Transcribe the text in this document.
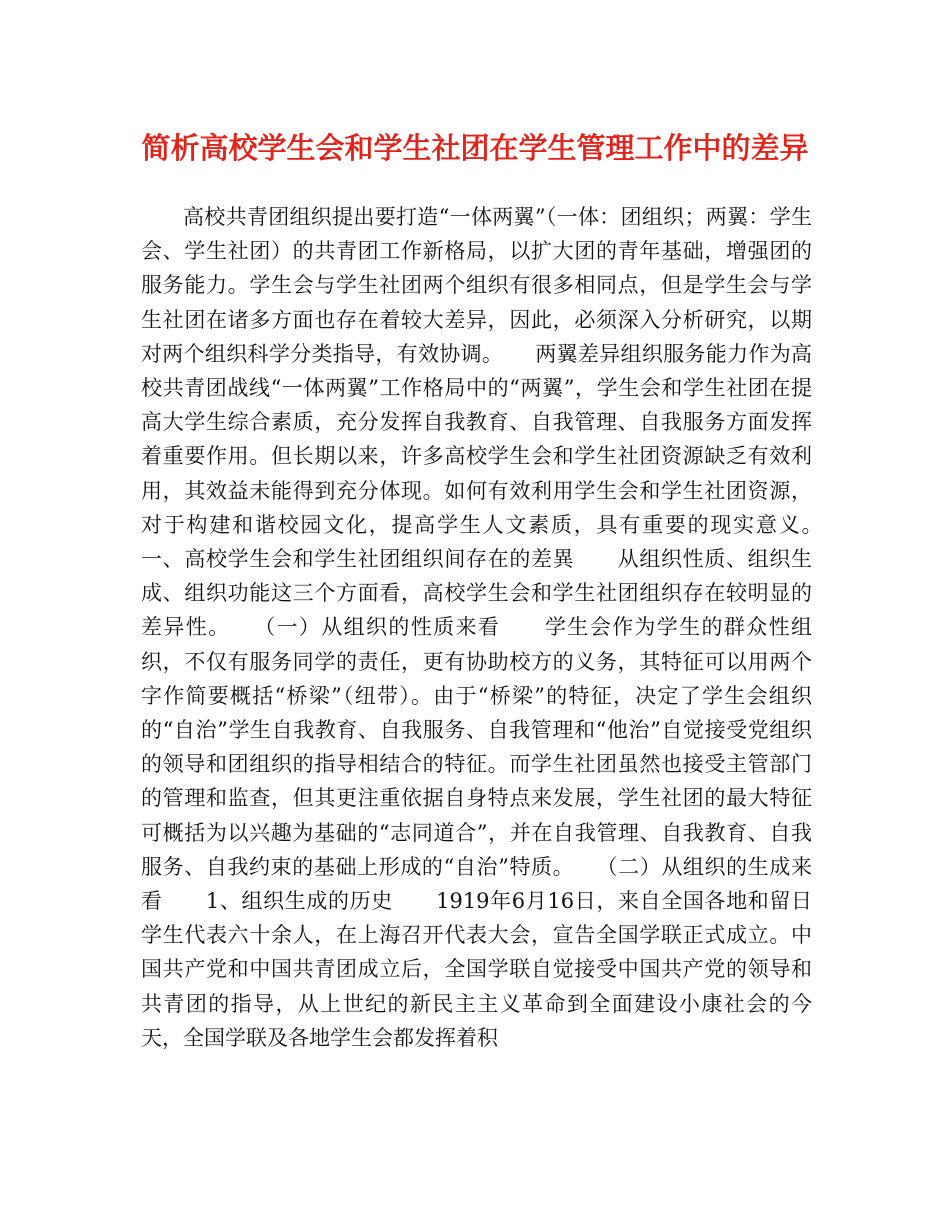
简析高校学生会和学生社团在学生管理工作中的差异

高校共青团组织提出要打造“一体两翼”（一体：团组织；两翼：学生会、学生社团）的共青团工作新格局，以扩大团的青年基础，增强团的服务能力。学生会与学生社团两个组织有很多相同点，但是学生会与学生社团在诸多方面也存在着较大差异，因此，必须深入分析研究，以期对两个组织科学分类指导，有效协调。　　两翼差异组织服务能力作为高校共青团战线“一体两翼”工作格局中的“两翼”，学生会和学生社团在提高大学生综合素质，充分发挥自我教育、自我管理、自我服务方面发挥着重要作用。但长期以来，许多高校学生会和学生社团资源缺乏有效利用，其效益未能得到充分体现。如何有效利用学生会和学生社团资源，对于构建和谐校园文化，提高学生人文素质，具有重要的现实意义。　　一、高校学生会和学生社团组织间存在的差異　　从组织性质、组织生成、组织功能这三个方面看，高校学生会和学生社团组织存在较明显的差异性。　　（一）从组织的性质来看　　学生会作为学生的群众性组织，不仅有服务同学的责任，更有协助校方的义务，其特征可以用两个字作简要概括“桥梁”（纽带）。由于“桥梁”的特征，决定了学生会组织的“自治”学生自我教育、自我服务、自我管理和“他治”自觉接受党组织的领导和团组织的指导相结合的特征。而学生社团虽然也接受主管部门的管理和监查，但其更注重依据自身特点来发展，学生社团的最大特征可概括为以兴趣为基础的“志同道合”，并在自我管理、自我教育、自我服务、自我约束的基础上形成的“自治”特质。　　（二）从组织的生成来看　　1、组织生成的历史　　1919年6月16日，来自全国各地和留日学生代表六十余人，在上海召开代表大会，宣告全国学联正式成立。中国共产党和中国共青团成立后，全国学联自觉接受中国共产党的领导和共青团的指导，从上世纪的新民主主义革命到全面建设小康社会的今天，全国学联及各地学生会都发挥着积
